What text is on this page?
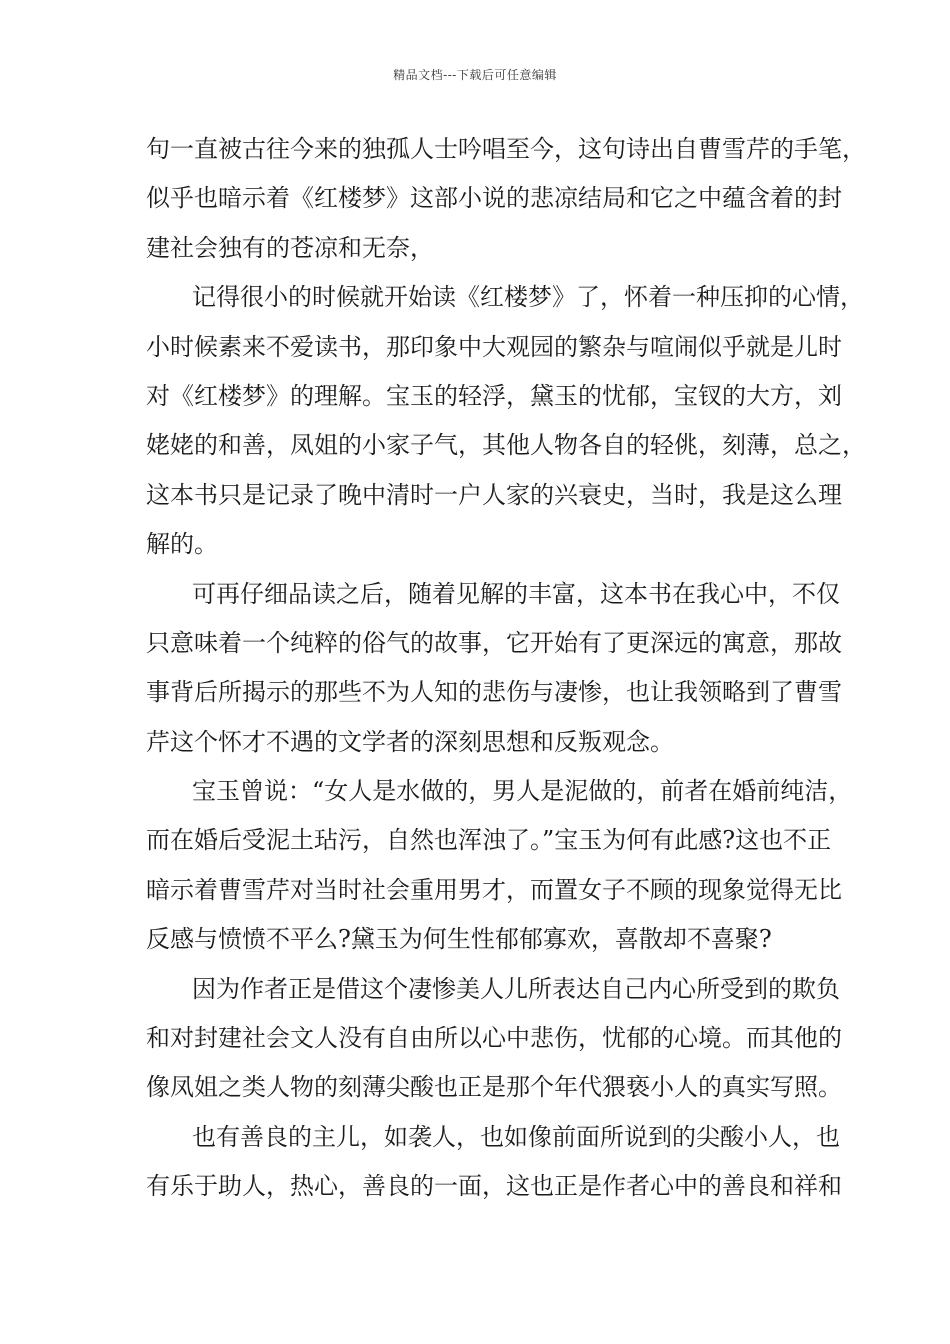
精品文档---下载后可任意编辑
句一直被古往今来的独孤人士吟唱至今，这句诗出自曹雪芹的手笔，
似乎也暗示着《红楼梦》这部小说的悲凉结局和它之中蕴含着的封
建社会独有的苍凉和无奈，
记得很小的时候就开始读《红楼梦》了，怀着一种压抑的心情，
小时候素来不爱读书，那印象中大观园的繁杂与喧闹似乎就是儿时
对《红楼梦》的理解。宝玉的轻浮，黛玉的忧郁，宝钗的大方，刘
姥姥的和善，凤姐的小家子气，其他人物各自的轻佻，刻薄，总之，
这本书只是记录了晚中清时一户人家的兴衰史，当时，我是这么理
解的。
可再仔细品读之后，随着见解的丰富，这本书在我心中，不仅
只意味着一个纯粹的俗气的故事，它开始有了更深远的寓意，那故
事背后所揭示的那些不为人知的悲伤与凄惨，也让我领略到了曹雪
芹这个怀才不遇的文学者的深刻思想和反叛观念。
宝玉曾说：“女人是水做的，男人是泥做的，前者在婚前纯洁，
而在婚后受泥土玷污，自然也浑浊了。”宝玉为何有此感?这也不正
暗示着曹雪芹对当时社会重用男才，而置女子不顾的现象觉得无比
反感与愤愤不平么?黛玉为何生性郁郁寡欢，喜散却不喜聚?
因为作者正是借这个凄惨美人儿所表达自己内心所受到的欺负
和对封建社会文人没有自由所以心中悲伤，忧郁的心境。而其他的
像凤姐之类人物的刻薄尖酸也正是那个年代猥亵小人的真实写照。
也有善良的主儿，如袭人，也如像前面所说到的尖酸小人，也
有乐于助人，热心，善良的一面，这也正是作者心中的善良和祥和
